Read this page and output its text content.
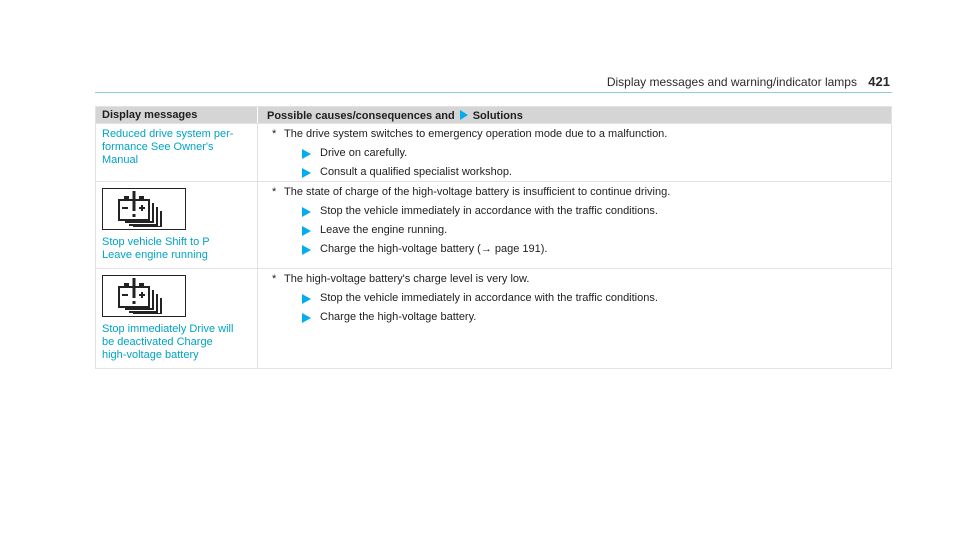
Display messages and warning/indicator lamps 421
Display messages	Possible causes/consequences and Solutions
Reduced drive system per-
formance See Owner's
Manual
* The drive system switches to emergency operation mode due to a malfunction.
Drive on carefully.
Consult a qualified specialist workshop.
Stop vehicle Shift to P
Leave engine running
* The state of charge of the high-voltage battery is insufficient to continue driving.
Stop the vehicle immediately in accordance with the traffic conditions.
Leave the engine running.
Charge the high-voltage battery (→ page 191).
Stop immediately Drive will
be deactivated Charge
high-voltage battery
* The high-voltage battery's charge level is very low.
Stop the vehicle immediately in accordance with the traffic conditions.
Charge the high-voltage battery.
